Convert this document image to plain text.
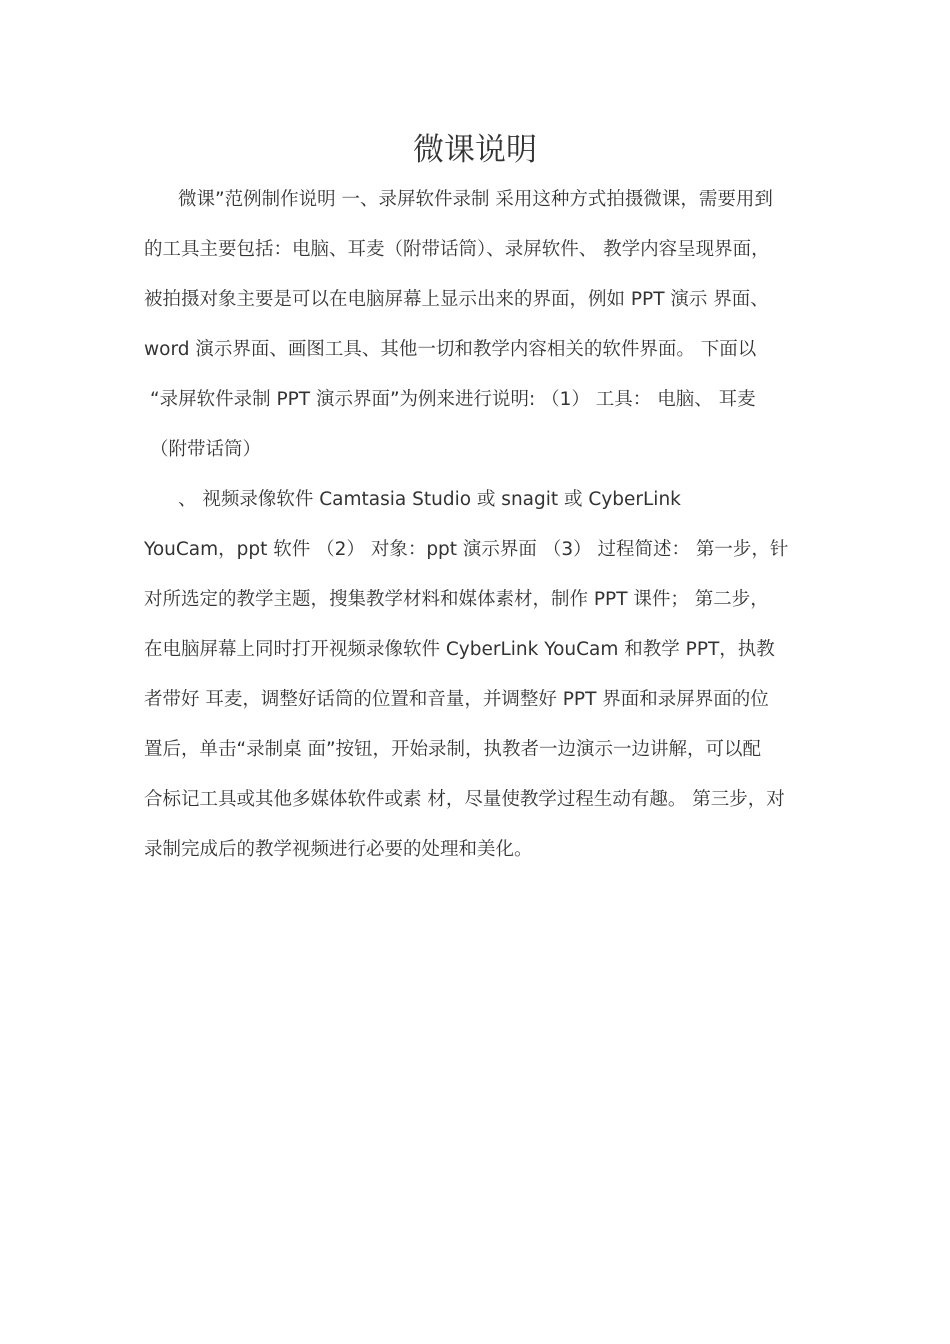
微课说明
微课”范例制作说明 一、录屏软件录制 采用这种方式拍摄微课，需要用到
的工具主要包括：电脑、耳麦（附带话筒）、录屏软件、 教学内容呈现界面，
被拍摄对象主要是可以在电脑屏幕上显示出来的界面，例如 PPT 演示 界面、
word 演示界面、画图工具、其他一切和教学内容相关的软件界面。 下面以
“录屏软件录制 PPT 演示界面”为例来进行说明: （1） 工具： 电脑、 耳麦
（附带话筒）
、 视频录像软件 Camtasia Studio 或 snagit 或 CyberLink
YouCam，ppt 软件 （2） 对象：ppt 演示界面 （3） 过程简述： 第一步，针
对所选定的教学主题，搜集教学材料和媒体素材，制作 PPT 课件； 第二步，
在电脑屏幕上同时打开视频录像软件 CyberLink YouCam 和教学 PPT，执教
者带好 耳麦，调整好话筒的位置和音量，并调整好 PPT 界面和录屏界面的位
置后，单击“录制桌 面”按钮，开始录制，执教者一边演示一边讲解，可以配
合标记工具或其他多媒体软件或素 材，尽量使教学过程生动有趣。 第三步，对
录制完成后的教学视频进行必要的处理和美化。
